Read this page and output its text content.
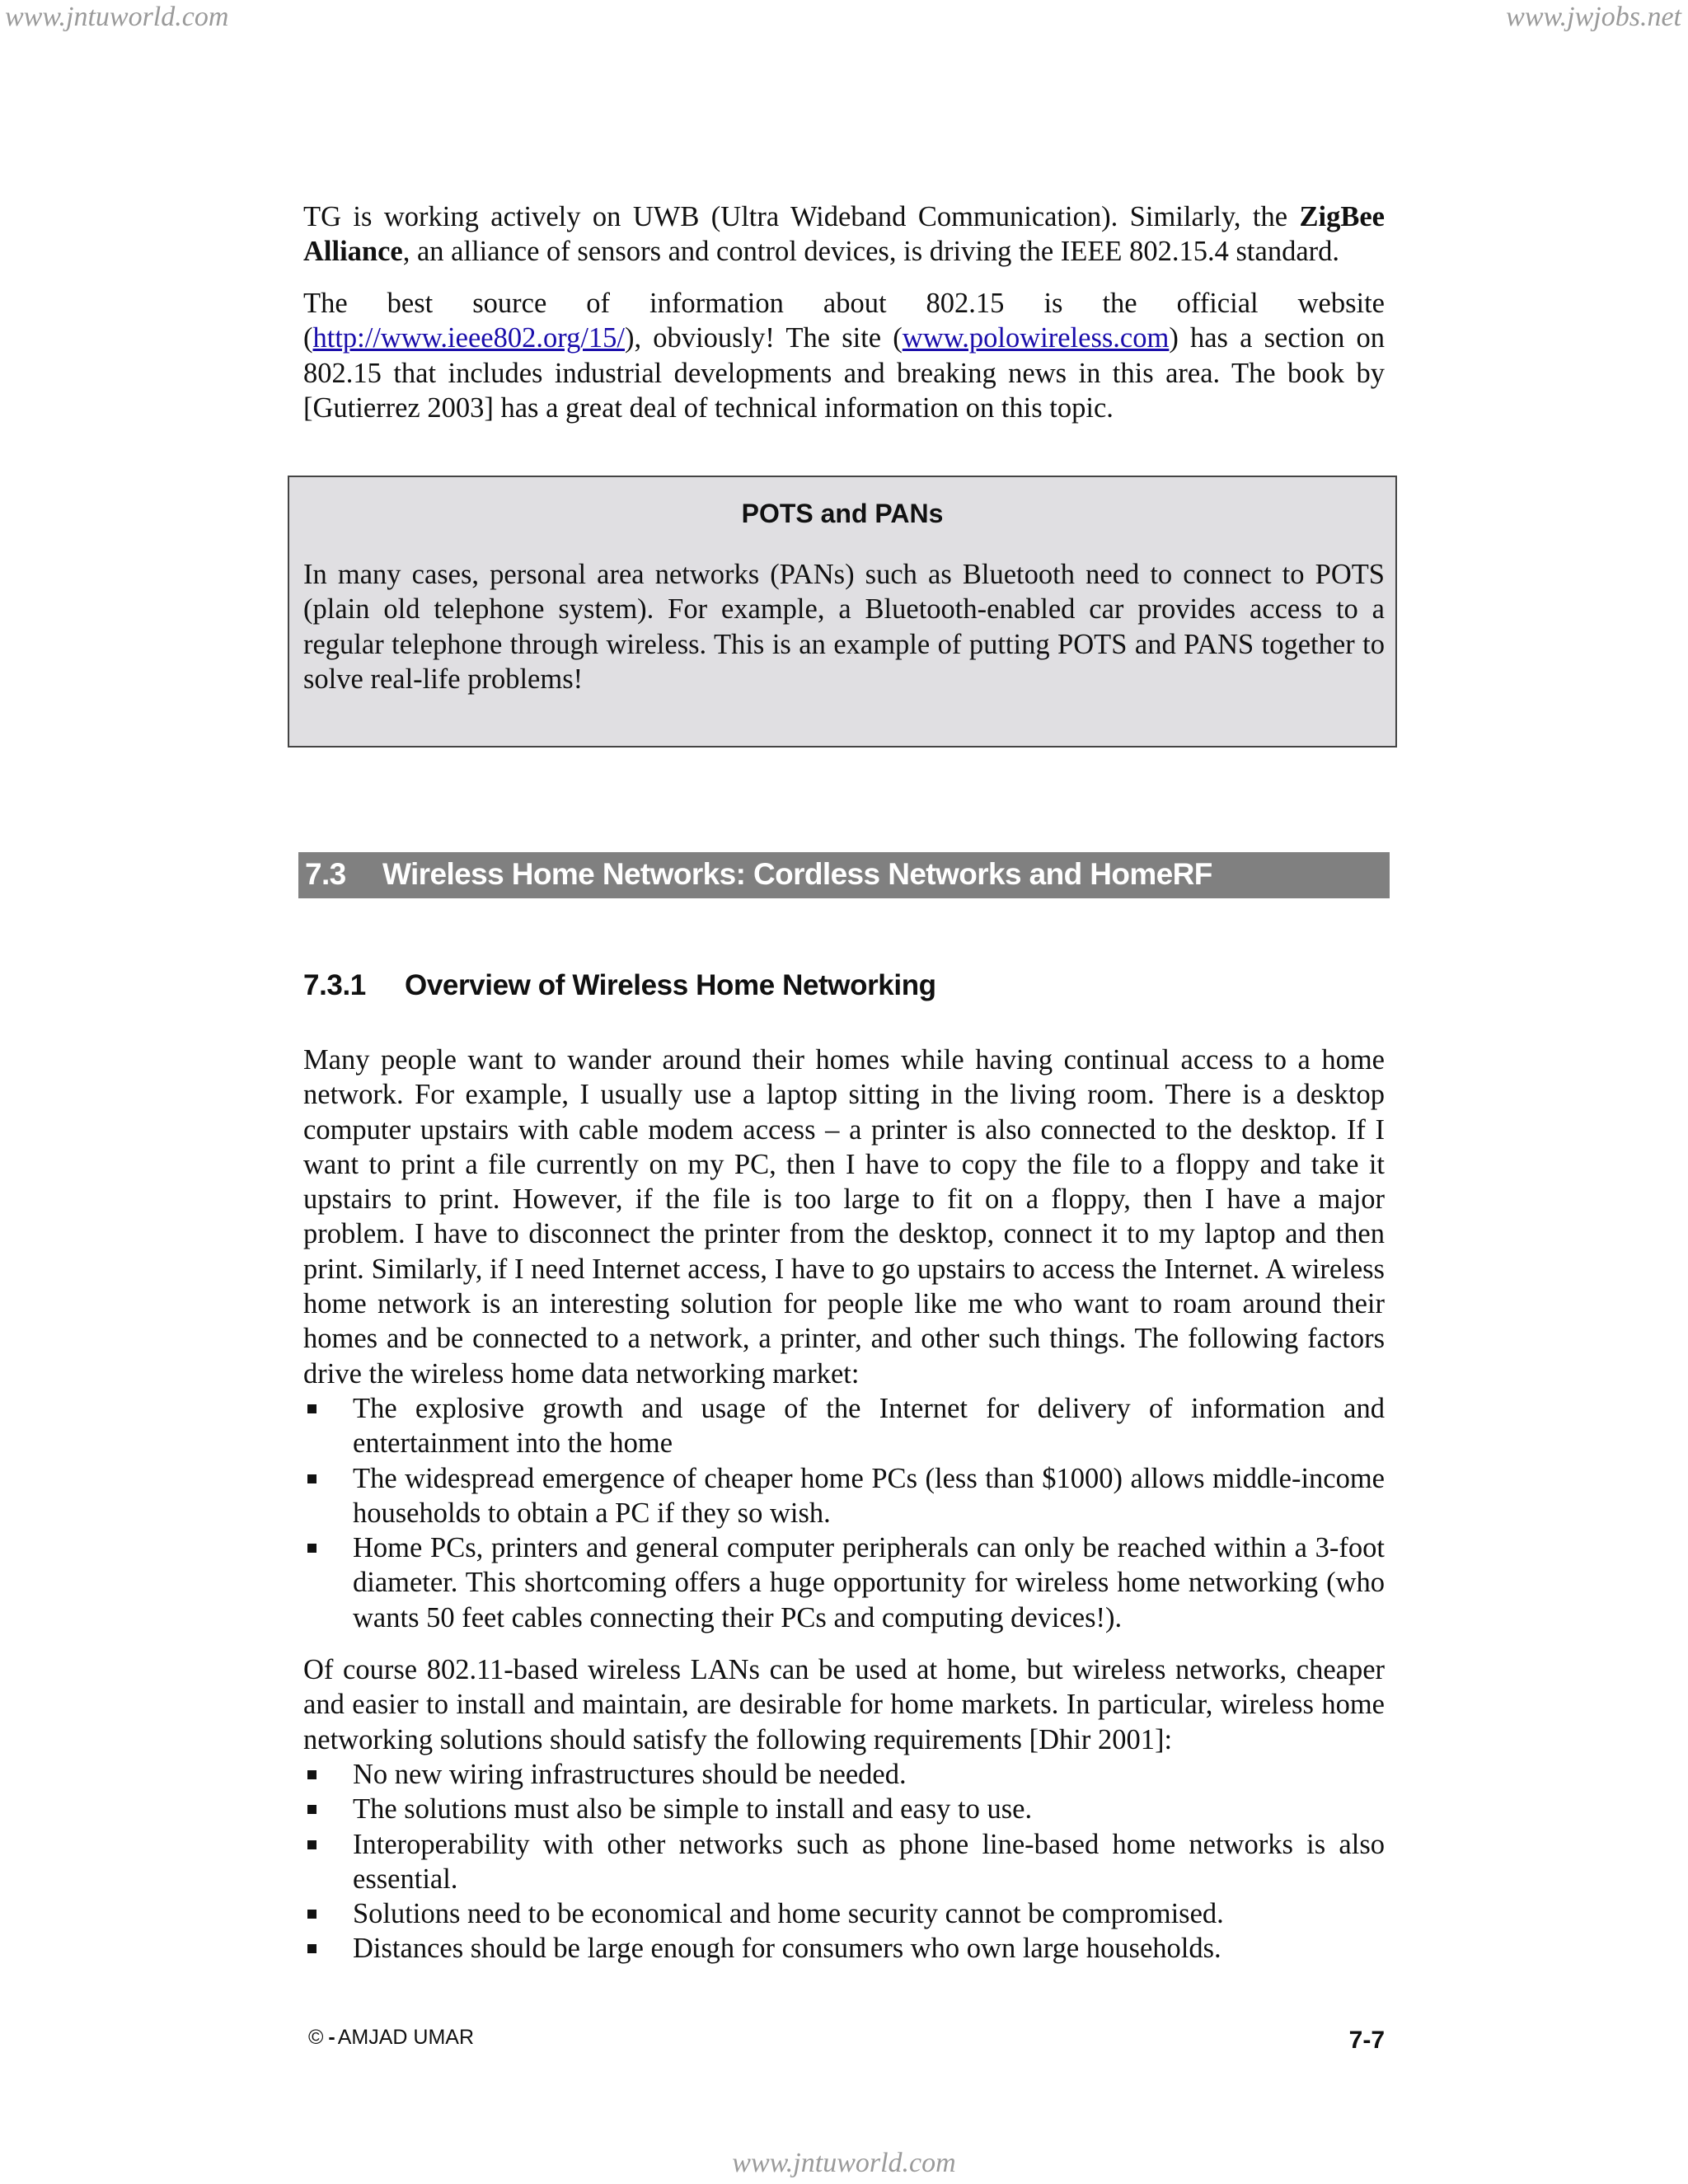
www.jntuworld.com	www.jwjobs.net

TG is working actively on UWB (Ultra Wideband Communication). Similarly, the ZigBee Alliance, an alliance of sensors and control devices, is driving the IEEE 802.15.4 standard.

The best source of information about 802.15 is the official website (http://www.ieee802.org/15/), obviously! The site (www.polowireless.com) has a section on 802.15 that includes industrial developments and breaking news in this area. The book by [Gutierrez 2003] has a great deal of technical information on this topic.

POTS and PANs

In many cases, personal area networks (PANs) such as Bluetooth need to connect to POTS (plain old telephone system). For example, a Bluetooth-enabled car provides access to a regular telephone through wireless. This is an example of putting POTS and PANS together to solve real-life problems!

7.3 Wireless Home Networks: Cordless Networks and HomeRF
7.3.1 Overview of Wireless Home Networking

Many people want to wander around their homes while having continual access to a home network. For example, I usually use a laptop sitting in the living room. There is a desktop computer upstairs with cable modem access – a printer is also connected to the desktop. If I want to print a file currently on my PC, then I have to copy the file to a floppy and take it upstairs to print. However, if the file is too large to fit on a floppy, then I have a major problem. I have to disconnect the printer from the desktop, connect it to my laptop and then print. Similarly, if I need Internet access, I have to go upstairs to access the Internet. A wireless home network is an interesting solution for people like me who want to roam around their homes and be connected to a network, a printer, and other such things. The following factors drive the wireless home data networking market:

The explosive growth and usage of the Internet for delivery of information and entertainment into the home
The widespread emergence of cheaper home PCs (less than $1000) allows middle-income households to obtain a PC if they so wish.
Home PCs, printers and general computer peripherals can only be reached within a 3-foot diameter. This shortcoming offers a huge opportunity for wireless home networking (who wants 50 feet cables connecting their PCs and computing devices!).

Of course 802.11-based wireless LANs can be used at home, but wireless networks, cheaper and easier to install and maintain, are desirable for home markets. In particular, wireless home networking solutions should satisfy the following requirements [Dhir 2001]:

No new wiring infrastructures should be needed.
The solutions must also be simple to install and easy to use.
Interoperability with other networks such as phone line-based home networks is also essential.
Solutions need to be economical and home security cannot be compromised.
Distances should be large enough for consumers who own large households.
© - AMJAD UMAR	7-7
www.jntuworld.com
